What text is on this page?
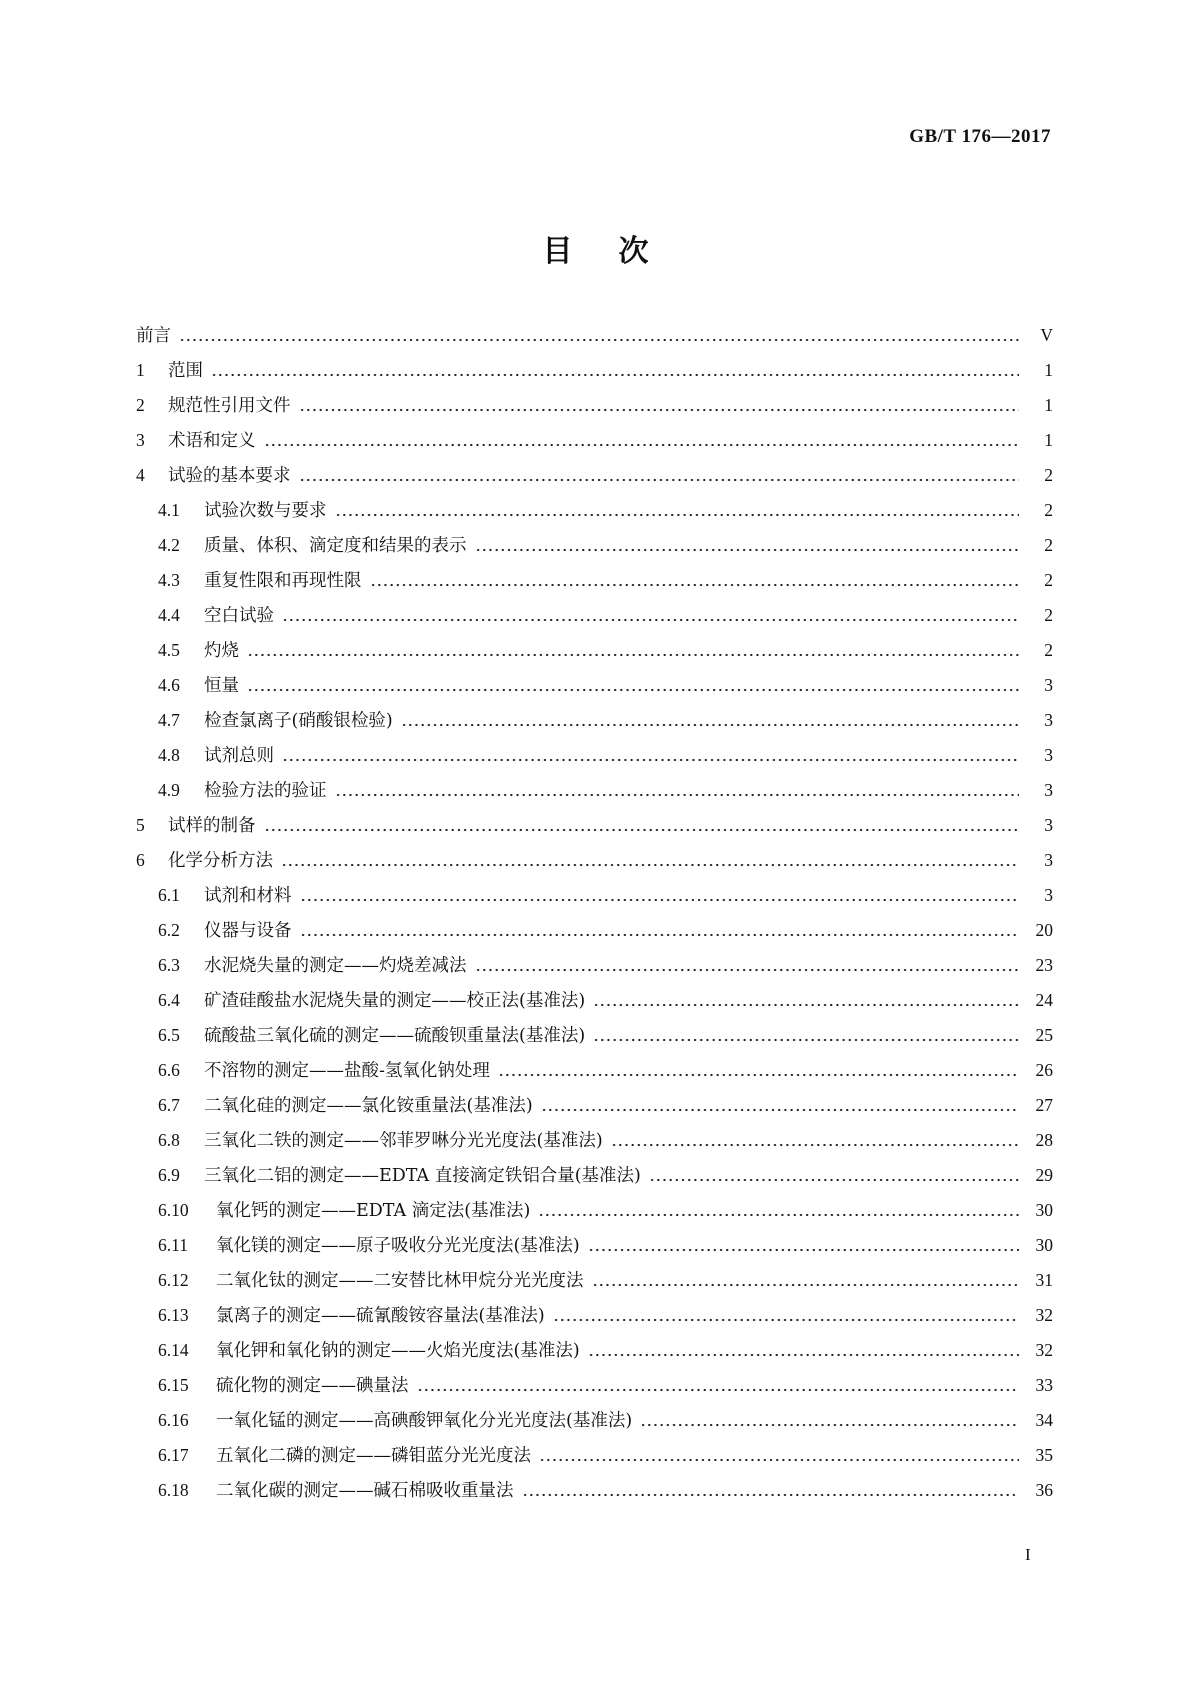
GB/T 176—2017
目次
前言	V
1	范围	1
2	规范性引用文件	1
3	术语和定义	1
4	试验的基本要求	2
4.1	试验次数与要求	2
4.2	质量、体积、滴定度和结果的表示	2
4.3	重复性限和再现性限	2
4.4	空白试验	2
4.5	灼烧	2
4.6	恒量	3
4.7	检查氯离子(硝酸银检验)	3
4.8	试剂总则	3
4.9	检验方法的验证	3
5	试样的制备	3
6	化学分析方法	3
6.1	试剂和材料	3
6.2	仪器与设备	20
6.3	水泥烧失量的测定——灼烧差减法	23
6.4	矿渣硅酸盐水泥烧失量的测定——校正法(基准法)	24
6.5	硫酸盐三氧化硫的测定——硫酸钡重量法(基准法)	25
6.6	不溶物的测定——盐酸-氢氧化钠处理	26
6.7	二氧化硅的测定——氯化铵重量法(基准法)	27
6.8	三氧化二铁的测定——邻菲罗啉分光光度法(基准法)	28
6.9	三氧化二铝的测定——EDTA 直接滴定铁铝合量(基准法)	29
6.10	氧化钙的测定——EDTA 滴定法(基准法)	30
6.11	氧化镁的测定——原子吸收分光光度法(基准法)	30
6.12	二氧化钛的测定——二安替比林甲烷分光光度法	31
6.13	氯离子的测定——硫氰酸铵容量法(基准法)	32
6.14	氧化钾和氧化钠的测定——火焰光度法(基准法)	32
6.15	硫化物的测定——碘量法	33
6.16	一氧化锰的测定——高碘酸钾氧化分光光度法(基准法)	34
6.17	五氧化二磷的测定——磷钼蓝分光光度法	35
6.18	二氧化碳的测定——碱石棉吸收重量法	36
I
